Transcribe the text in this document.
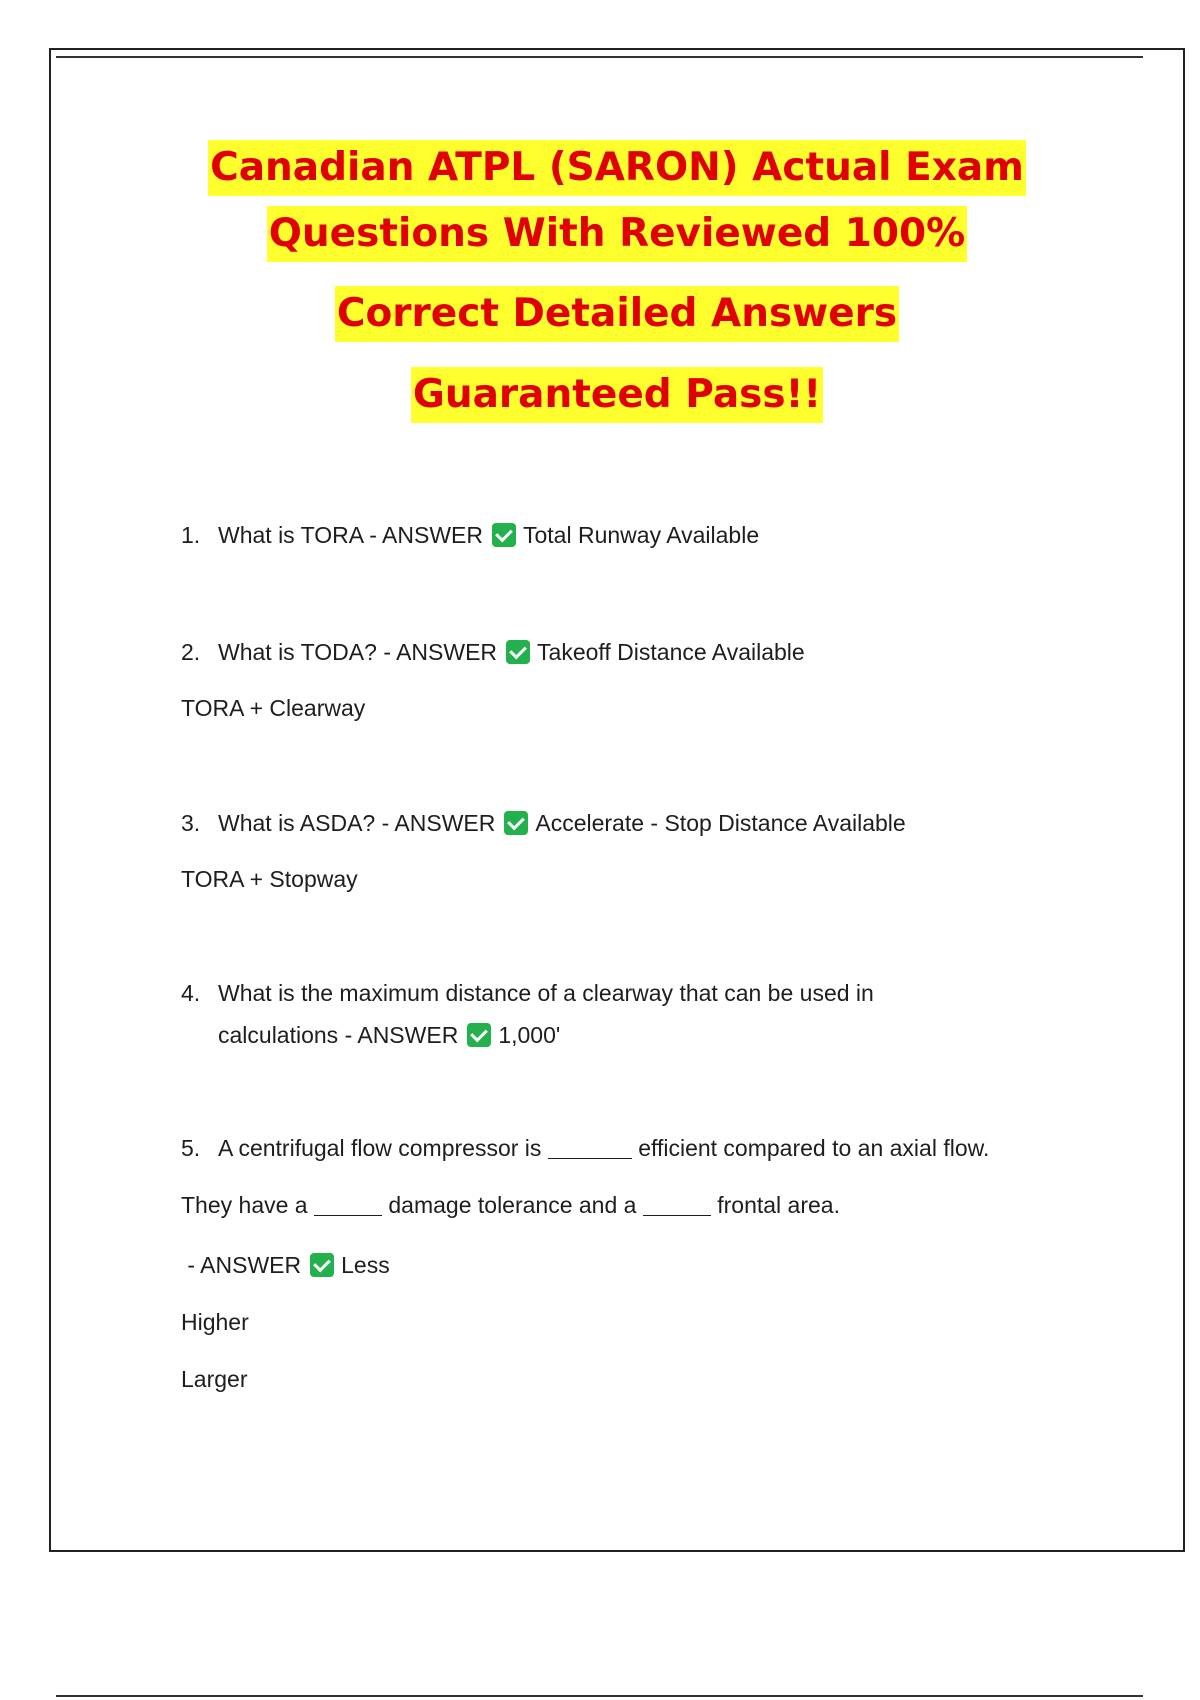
Canadian ATPL (SARON) Actual Exam
Questions With Reviewed 100%
Correct Detailed Answers
Guaranteed Pass!!
1. What is TORA - ANSWER Total Runway Available
2. What is TODA? - ANSWER Takeoff Distance Available
TORA + Clearway
3. What is ASDA? - ANSWER Accelerate - Stop Distance Available
TORA + Stopway
4. What is the maximum distance of a clearway that can be used in
calculations - ANSWER 1,000'
5. A centrifugal flow compressor is	efficient compared to an axial flow.
They have a	damage tolerance and a	frontal area.
- ANSWER Less
Higher
Larger
